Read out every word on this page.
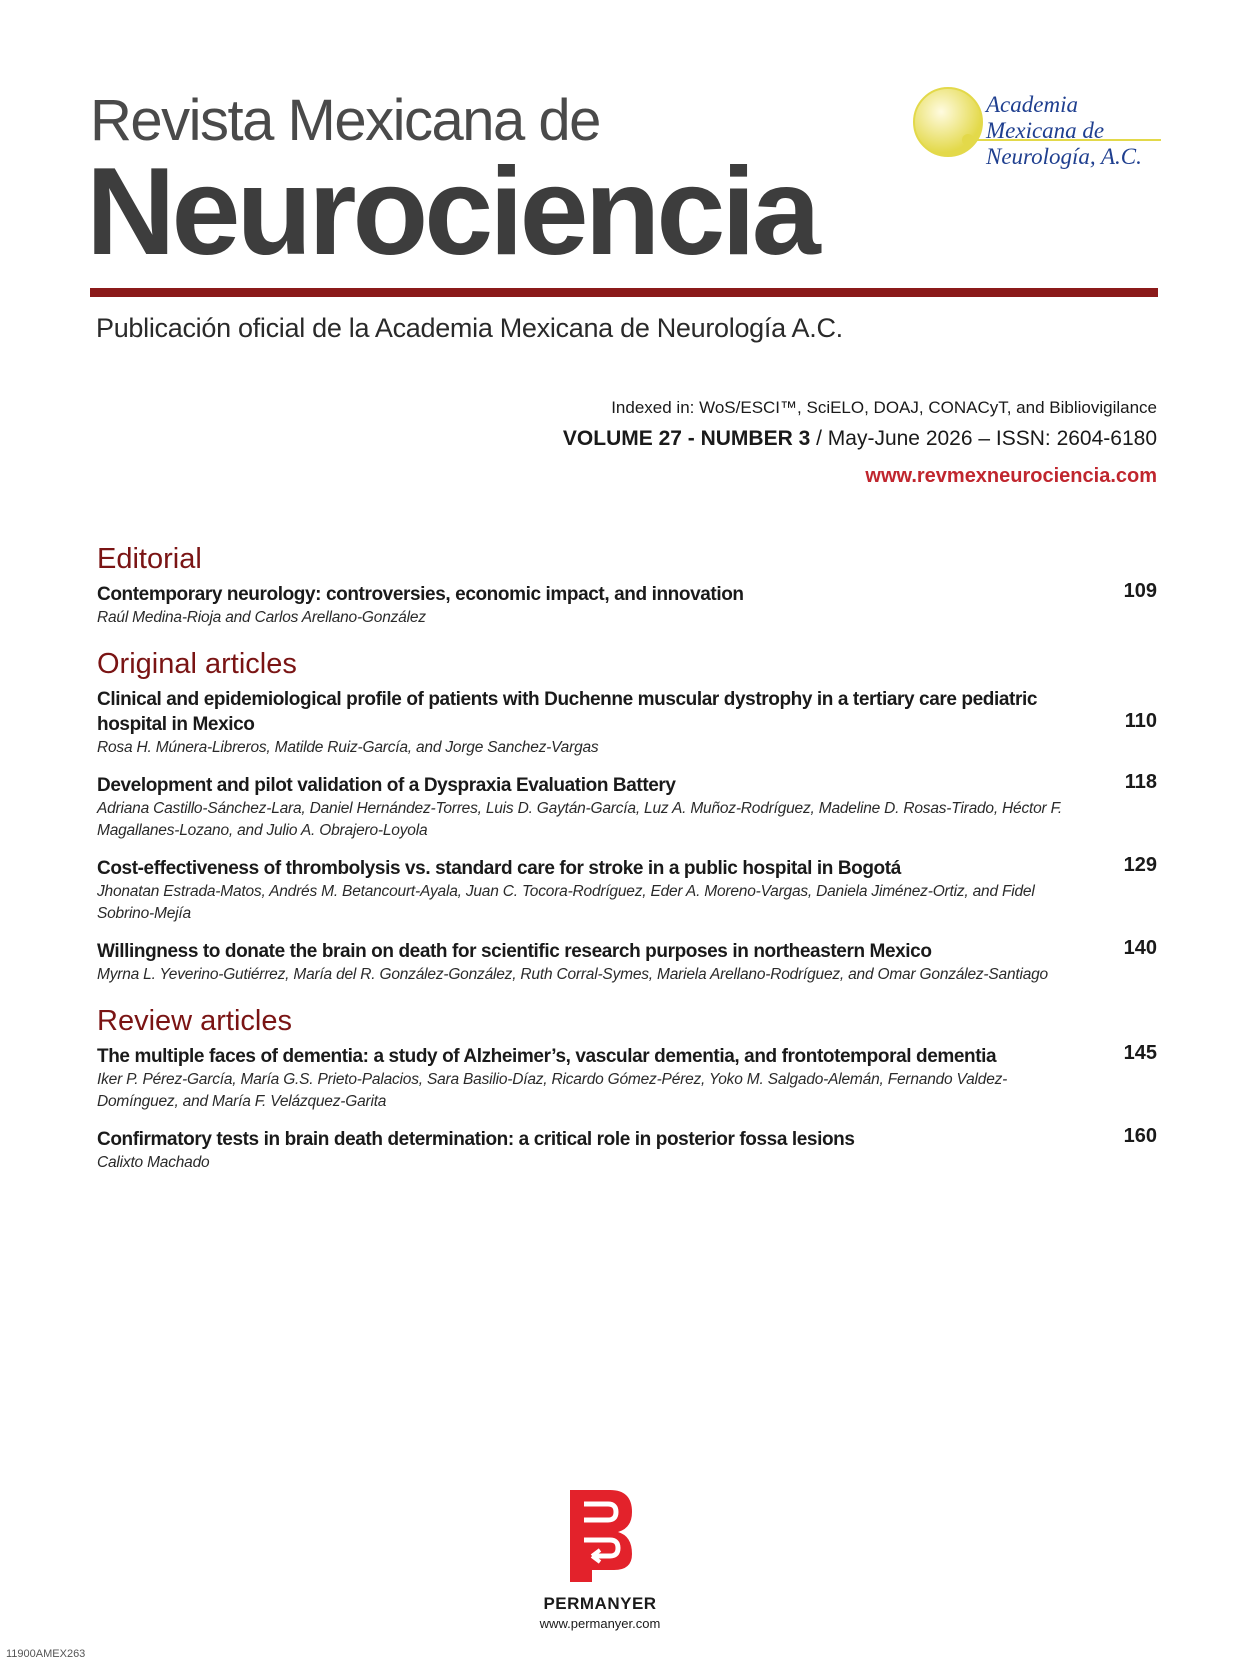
Revista Mexicana de
Neurociencia
Academia
Mexicana de
Neurología, A.C.
Publicación oficial de la Academia Mexicana de Neurología A.C.
Indexed in: WoS/ESCI™, SciELO, DOAJ, CONACyT, and Bibliovigilance
VOLUME 27 - NUMBER 3 / May-June 2026 – ISSN: 2604-6180
www.revmexneurociencia.com
Editorial
109
Contemporary neurology: controversies, economic impact, and innovation
Raúl Medina-Rioja and Carlos Arellano-González
Original articles
110
Clinical and epidemiological profile of patients with Duchenne muscular dystrophy in a tertiary care pediatric hospital in Mexico
Rosa H. Múnera-Libreros, Matilde Ruiz-García, and Jorge Sanchez-Vargas
118
Development and pilot validation of a Dyspraxia Evaluation Battery
Adriana Castillo-Sánchez-Lara, Daniel Hernández-Torres, Luis D. Gaytán-García, Luz A. Muñoz-Rodríguez, Madeline D. Rosas-Tirado, Héctor F. Magallanes-Lozano, and Julio A. Obrajero-Loyola
129
Cost-effectiveness of thrombolysis vs. standard care for stroke in a public hospital in Bogotá
Jhonatan Estrada-Matos, Andrés M. Betancourt-Ayala, Juan C. Tocora-Rodríguez, Eder A. Moreno-Vargas, Daniela Jiménez-Ortiz, and Fidel Sobrino-Mejía
140
Willingness to donate the brain on death for scientific research purposes in northeastern Mexico
Myrna L. Yeverino-Gutiérrez, María del R. González-González, Ruth Corral-Symes, Mariela Arellano-Rodríguez, and Omar González-Santiago
Review articles
145
The multiple faces of dementia: a study of Alzheimer’s, vascular dementia, and frontotemporal dementia
Iker P. Pérez-García, María G.S. Prieto-Palacios, Sara Basilio-Díaz, Ricardo Gómez-Pérez, Yoko M. Salgado-Alemán, Fernando Valdez-Domínguez, and María F. Velázquez-Garita
160
Confirmatory tests in brain death determination: a critical role in posterior fossa lesions
Calixto Machado
PERMANYER
www.permanyer.com
11900AMEX263
